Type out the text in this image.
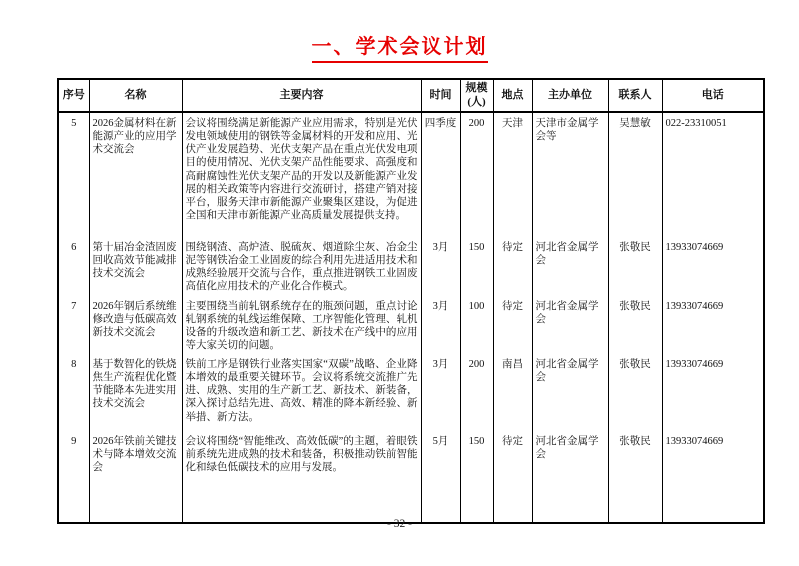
一、学术会议计划
序号	名称	主要内容	时间	规模(人)	地点	主办单位	联系人	电话
5	2026金属材料在新能源产业的应用学术交流会	会议将围绕满足新能源产业应用需求，特别是光伏发电领域使用的钢铁等金属材料的开发和应用、光伏产业发展趋势、光伏支架产品在重点光伏发电项目的使用情况、光伏支架产品性能要求、高强度和高耐腐蚀性光伏支架产品的开发以及新能源产业发展的相关政策等内容进行交流研讨，搭建产销对接平台，服务天津市新能源产业聚集区建设，为促进全国和天津市新能源产业高质量发展提供支持。	四季度	200	天津	天津市金属学会等	吴慧敏	022-23310051
6	第十届冶金渣固废回收高效节能减排技术交流会	围绕钢渣、高炉渣、脱硫灰、烟道除尘灰、冶金尘泥等钢铁冶金工业固废的综合利用先进适用技术和成熟经验展开交流与合作，重点推进钢铁工业固废高值化应用技术的产业化合作模式。	3月	150	待定	河北省金属学会	张敬民	13933074669
7	2026年钢后系统维修改造与低碳高效新技术交流会	主要围绕当前轧钢系统存在的瓶颈问题，重点讨论轧钢系统的轧线运维保障、工序智能化管理、轧机设备的升级改造和新工艺、新技术在产线中的应用等大家关切的问题。	3月	100	待定	河北省金属学会	张敬民	13933074669
8	基于数智化的铁烧焦生产流程优化暨节能降本先进实用技术交流会	铁前工序是钢铁行业落实国家“双碳”战略、企业降本增效的最重要关键环节。会议将系统交流推广先进、成熟、实用的生产新工艺、新技术、新装备，深入探讨总结先进、高效、精准的降本新经验、新举措、新方法。	3月	200	南昌	河北省金属学会	张敬民	13933074669
9	2026年铁前关键技术与降本增效交流会	会议将围绕“智能维改、高效低碳”的主题，着眼铁前系统先进成熟的技术和装备，积极推动铁前智能化和绿色低碳技术的应用与发展。	5月	150	待定	河北省金属学会	张敬民	13933074669
- 32 -
